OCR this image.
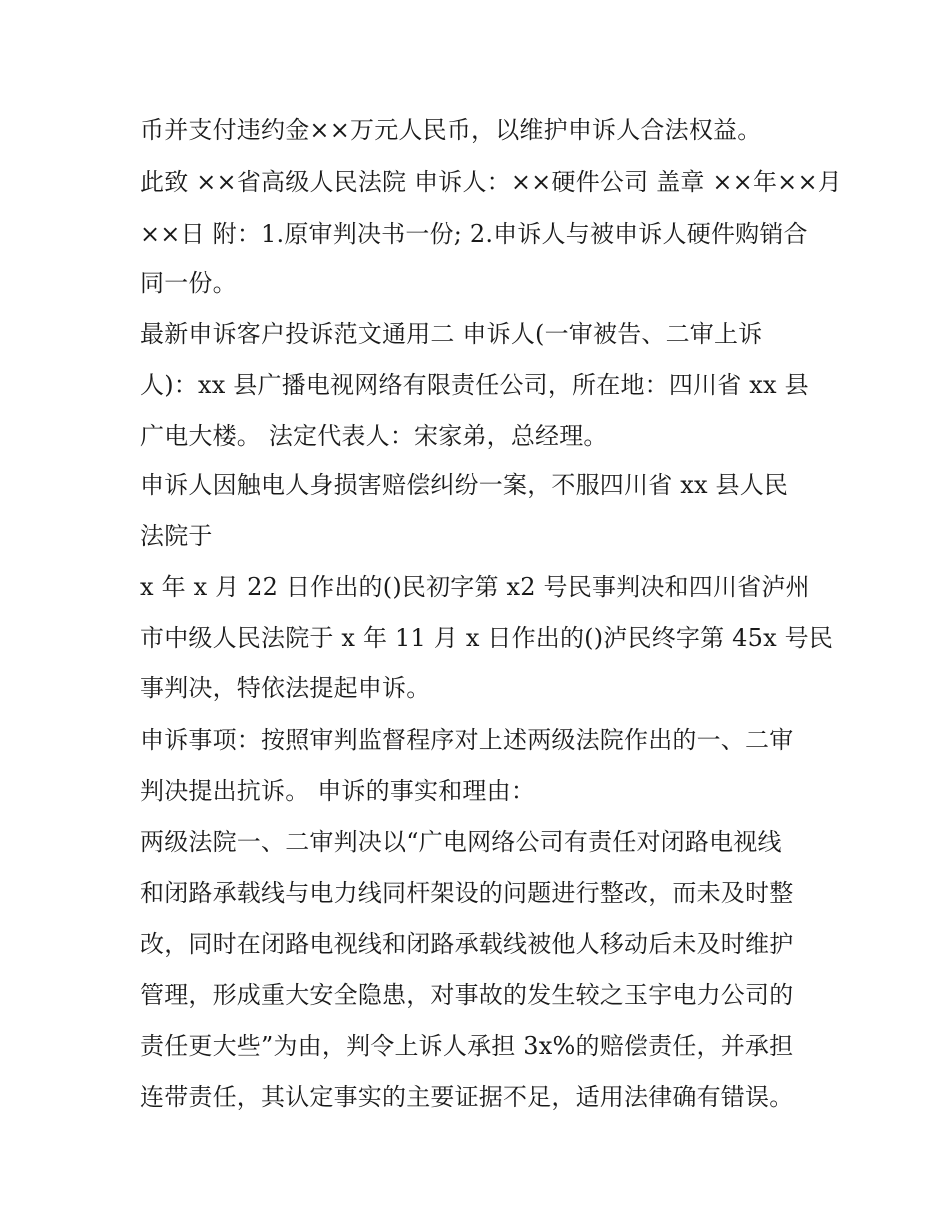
币并支付违约金××万元人民币，以维护申诉人合法权益。

此致 ××省高级人民法院 申诉人：××硬件公司 盖章 ××年××月

××日 附：1.原审判决书一份; 2.申诉人与被申诉人硬件购销合

同一份。

最新申诉客户投诉范文通用二 申诉人(一审被告、二审上诉

人)：xx 县广播电视网络有限责任公司，所在地：四川省 xx 县

广电大楼。 法定代表人：宋家弟，总经理。

申诉人因触电人身损害赔偿纠纷一案，不服四川省 xx 县人民

法院于

x 年 x 月 22 日作出的()民初字第 x2 号民事判决和四川省泸州

市中级人民法院于 x 年 11 月 x 日作出的()泸民终字第 45x 号民

事判决，特依法提起申诉。

申诉事项：按照审判监督程序对上述两级法院作出的一、二审

判决提出抗诉。 申诉的事实和理由：

两级法院一、二审判决以“广电网络公司有责任对闭路电视线

和闭路承载线与电力线同杆架设的问题进行整改，而未及时整

改，同时在闭路电视线和闭路承载线被他人移动后未及时维护

管理，形成重大安全隐患，对事故的发生较之玉宇电力公司的

责任更大些”为由，判令上诉人承担 3x%的赔偿责任，并承担

连带责任，其认定事实的主要证据不足，适用法律确有错误。
